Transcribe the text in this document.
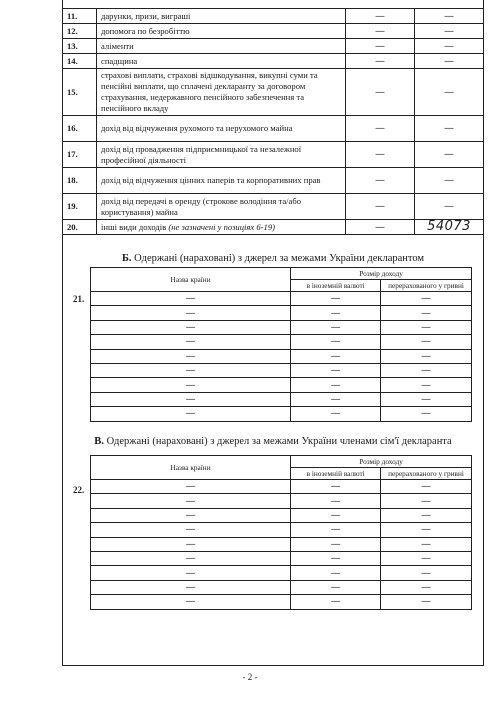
11.	дарунки, призи, виграші	—	—
12.	допомога по безробіттю	—	—
13.	аліменти	—	—
14.	спадщина	—	—
15.	страхові виплати, страхові відшкодування, викупні суми та пенсійні виплати, що сплачені декларанту за договором страхування, недержавного пенсійного забезпечення та пенсійного вкладу	—	—
16.	дохід від відчуження рухомого та нерухомого майна	—	—
17.	дохід від провадження підприємницької та незалежної професійної діяльності	—	—
18.	дохід від відчуження цінних паперів та корпоративних прав	—	—
19.	дохід від передачі в оренду (строкове володіння та/або користування) майна	—	—
20.	інші види доходів (не зазначені у позиціях 6-19)	—	54073
Б. Одержані (нараховані) з джерел за межами України декларантом
21.
Назва країни	Розмір доходу	
	в іноземній валюті	перерахованого у гривні
—	—	—
—	—	—
—	—	—
—	—	—
—	—	—
—	—	—
—	—	—
—	—	—
—	—	—
В. Одержані (нараховані) з джерел за межами України членами сім'ї декларанта
22.
Назва країни	Розмір доходу	
	в іноземній валюті	перерахованого у гривні
—	—	—
—	—	—
—	—	—
—	—	—
—	—	—
—	—	—
—	—	—
—	—	—
—	—	—
- 2 -
